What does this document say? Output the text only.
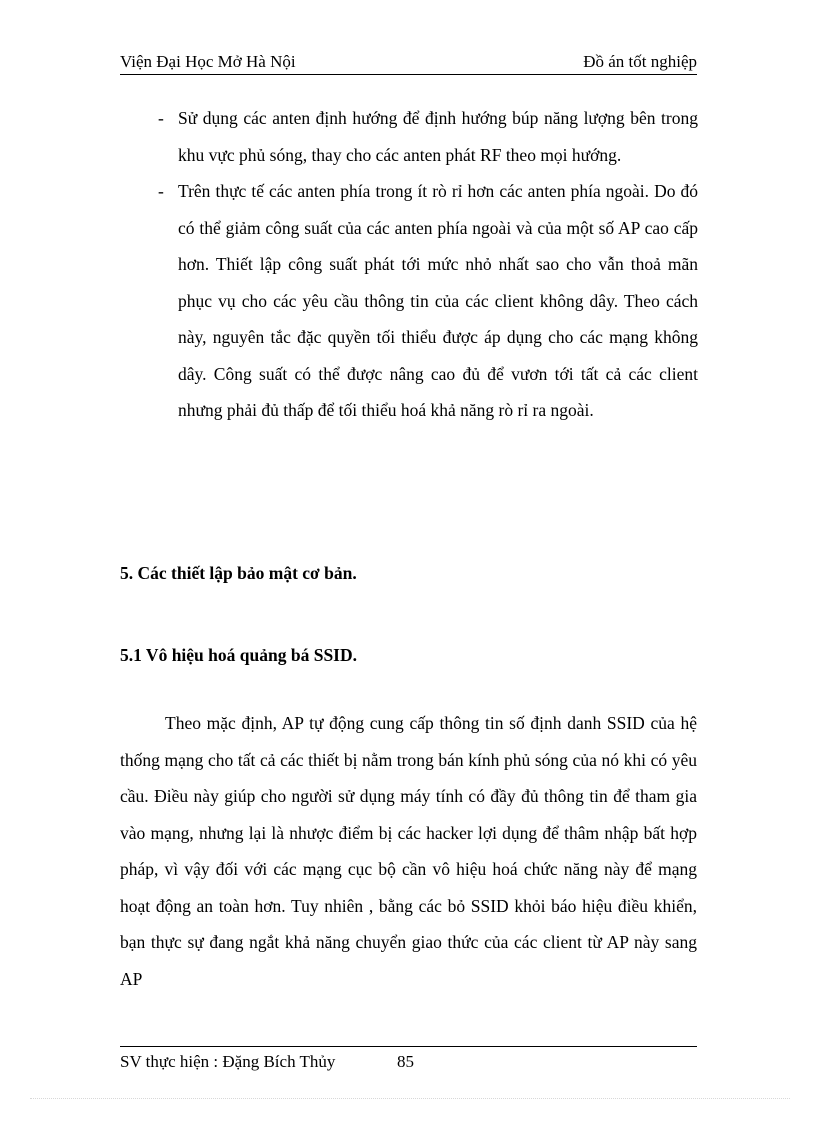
Viện Đại Học Mở Hà Nội	Đồ án tốt nghiệp
- Sử dụng các anten định hướng để định hướng búp năng lượng bên trong khu vực phủ sóng, thay cho các anten phát RF theo mọi hướng.
- Trên thực tế các anten phía trong ít rò rỉ hơn các anten phía ngoài. Do đó có thể giảm công suất của các anten phía ngoài và của một số AP cao cấp hơn. Thiết lập công suất phát tới mức nhỏ nhất sao cho vẫn thoả mãn phục vụ cho các yêu cầu thông tin của các client không dây. Theo cách này, nguyên tắc đặc quyền tối thiểu được áp dụng cho các mạng không dây. Công suất có thể được nâng cao đủ để vươn tới tất cả các client nhưng phải đủ thấp để tối thiểu hoá khả năng rò rỉ ra ngoài.
5. Các thiết lập bảo mật cơ bản.
5.1 Vô hiệu hoá quảng bá SSID.
Theo mặc định, AP tự động cung cấp thông tin số định danh SSID của hệ thống mạng cho tất cả các thiết bị nằm trong bán kính phủ sóng của nó khi có yêu cầu. Điều này giúp cho người sử dụng máy tính có đầy đủ thông tin để tham gia vào mạng, nhưng lại là nhược điểm bị các hacker lợi dụng để thâm nhập bất hợp pháp, vì vậy đối với các mạng cục bộ cần vô hiệu hoá chức năng này để mạng hoạt động an toàn hơn. Tuy nhiên , bằng các bỏ SSID khỏi báo hiệu điều khiển, bạn thực sự đang ngắt khả năng chuyển giao thức của các client từ AP này sang AP
SV thực hiện : Đặng Bích Thủy	85
